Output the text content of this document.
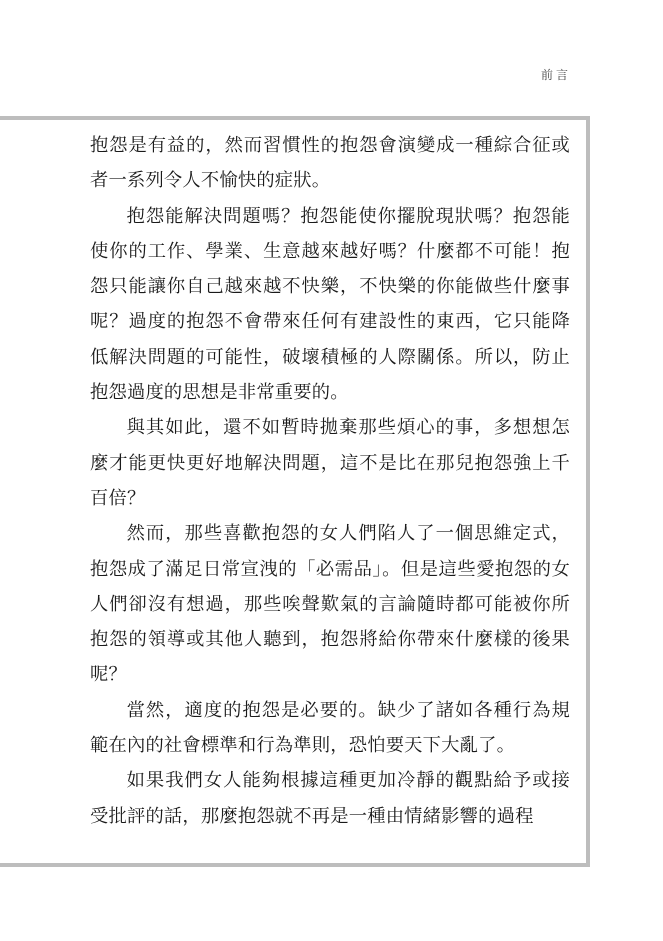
前言

抱怨是有益的，然而習慣性的抱怨會演變成一種綜合征或者一系列令人不愉快的症狀。

抱怨能解決問題嗎？抱怨能使你擺脫現狀嗎？抱怨能使你的工作、學業、生意越來越好嗎？什麼都不可能！抱怨只能讓你自己越來越不快樂，不快樂的你能做些什麼事呢？過度的抱怨不會帶來任何有建設性的東西，它只能降低解決問題的可能性，破壞積極的人際關係。所以，防止抱怨過度的思想是非常重要的。

與其如此，還不如暫時拋棄那些煩心的事，多想想怎麼才能更快更好地解決問題，這不是比在那兒抱怨強上千百倍？

然而，那些喜歡抱怨的女人們陷人了一個思維定式，抱怨成了滿足日常宣洩的「必需品」。但是這些愛抱怨的女人們卻沒有想過，那些唉聲歎氣的言論隨時都可能被你所抱怨的領導或其他人聽到，抱怨將給你帶來什麼樣的後果呢？

當然，適度的抱怨是必要的。缺少了諸如各種行為規範在內的社會標準和行為準則，恐怕要天下大亂了。

如果我們女人能夠根據這種更加冷靜的觀點給予或接受批評的話，那麼抱怨就不再是一種由情緒影響的過程
